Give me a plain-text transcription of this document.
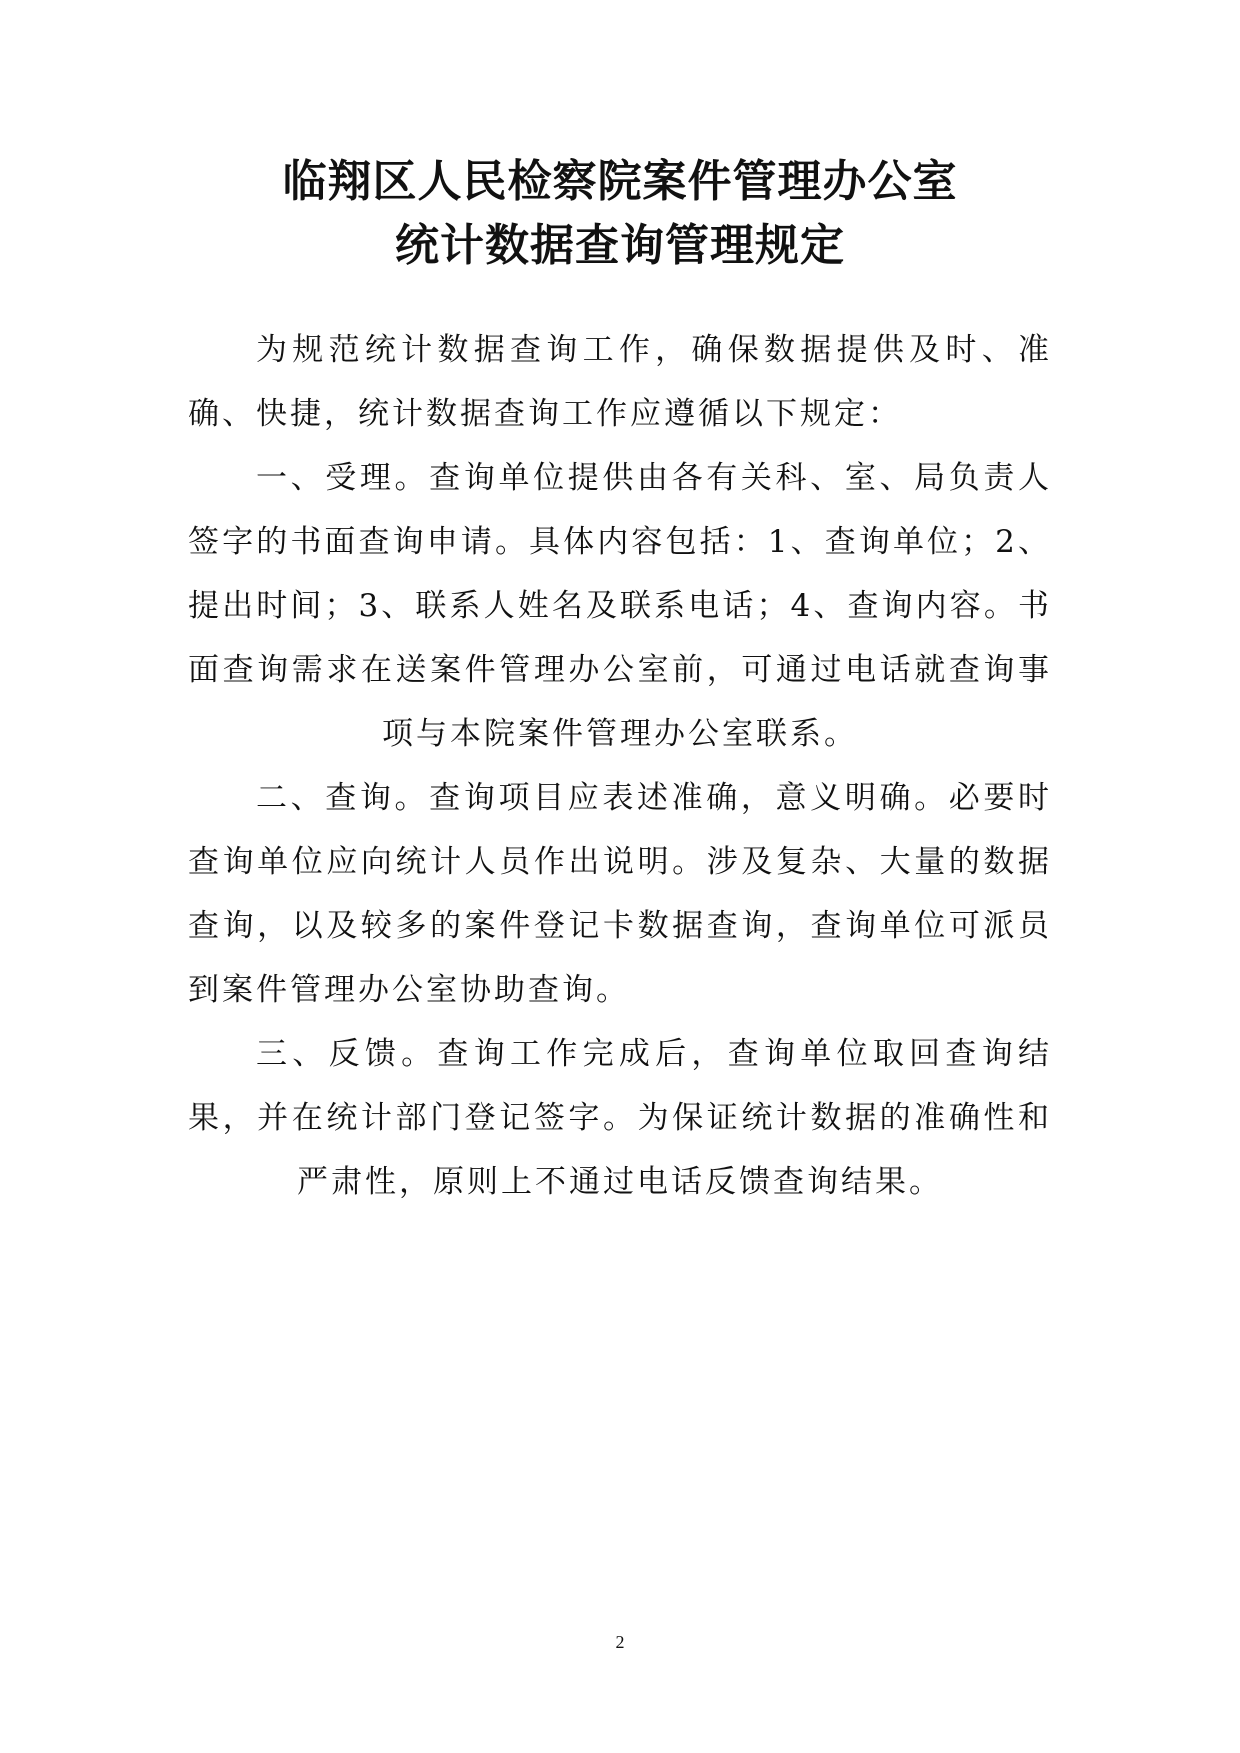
临翔区人民检察院案件管理办公室
统计数据查询管理规定

为规范统计数据查询工作，确保数据提供及时、准确、快捷，统计数据查询工作应遵循以下规定：

一、受理。查询单位提供由各有关科、室、局负责人签字的书面查询申请。具体内容包括：1、查询单位；2、提出时间；3、联系人姓名及联系电话；4、查询内容。书面查询需求在送案件管理办公室前，可通过电话就查询事项与本院案件管理办公室联系。

二、查询。查询项目应表述准确，意义明确。必要时查询单位应向统计人员作出说明。涉及复杂、大量的数据查询，以及较多的案件登记卡数据查询，查询单位可派员到案件管理办公室协助查询。

三、反馈。查询工作完成后，查询单位取回查询结果，并在统计部门登记签字。为保证统计数据的准确性和严肃性，原则上不通过电话反馈查询结果。

2
